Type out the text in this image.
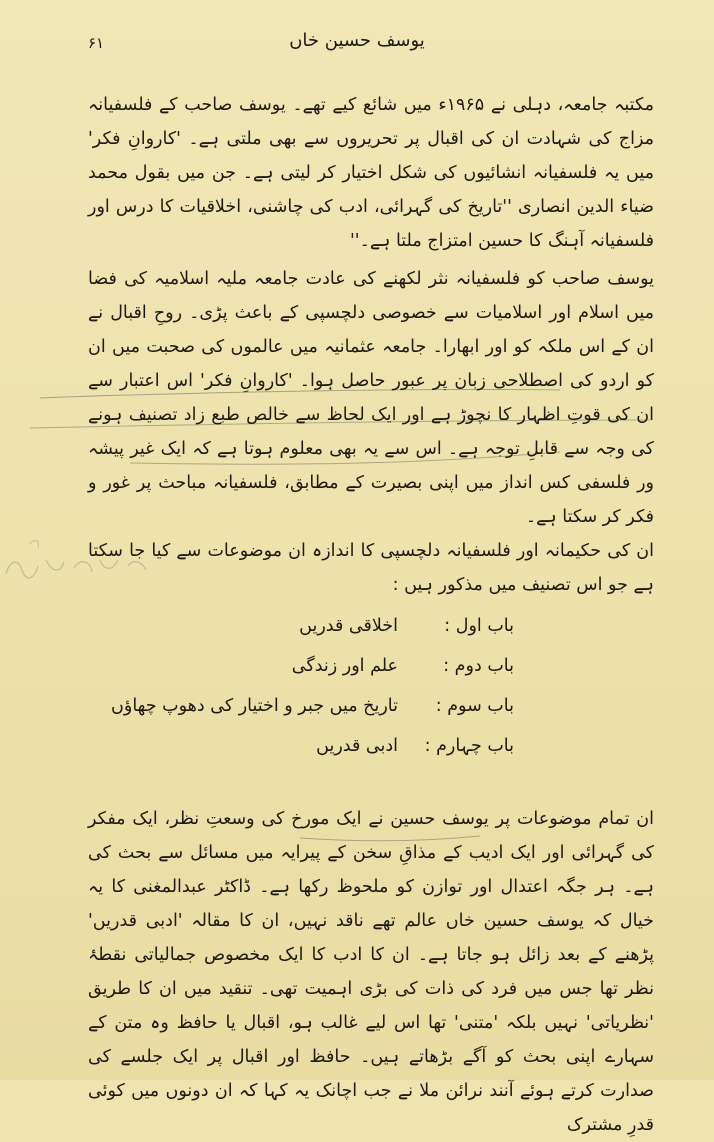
۶۱	یوسف حسین خاں

مکتبہ جامعہ، دہلی نے ۱۹۶۵ء میں شائع کیے تھے۔ یوسف صاحب کے فلسفیانہ مزاج کی شہادت ان کی اقبال پر تحریروں سے بھی ملتی ہے۔ 'کاروانِ فکر' میں یہ فلسفیانہ انشائیوں کی شکل اختیار کر لیتی ہے۔ جن میں بقول محمد ضیاء الدین انصاری ''تاریخ کی گہرائی، ادب کی چاشنی، اخلاقیات کا درس اور فلسفیانہ آہنگ کا حسین امتزاج ملتا ہے۔''

یوسف صاحب کو فلسفیانہ نثر لکھنے کی عادت جامعہ ملیہ اسلامیہ کی فضا میں اسلام اور اسلامیات سے خصوصی دلچسپی کے باعث پڑی۔ روحِ اقبال نے ان کے اس ملکہ کو اور ابھارا۔ جامعہ عثمانیہ میں عالموں کی صحبت میں ان کو اردو کی اصطلاحی زبان پر عبور حاصل ہوا۔ 'کاروانِ فکر' اس اعتبار سے ان کی قوتِ اظہار کا نچوڑ ہے اور ایک لحاظ سے خالص طبع زاد تصنیف ہونے کی وجہ سے قابلِ توجہ ہے۔ اس سے یہ بھی معلوم ہوتا ہے کہ ایک غیر پیشہ ور فلسفی کس انداز میں اپنی بصیرت کے مطابق، فلسفیانہ مباحث پر غور و فکر کر سکتا ہے۔

ان کی حکیمانہ اور فلسفیانہ دلچسپی کا اندازہ ان موضوعات سے کیا جا سکتا ہے جو اس تصنیف میں مذکور ہیں :

باب اول :
اخلاقی قدریں
باب دوم :
علم اور زندگی
باب سوم :
تاریخ میں جبر و اختیار کی دھوپ چھاؤں
باب چہارم :
ادبی قدریں

ان تمام موضوعات پر یوسف حسین نے ایک مورخ کی وسعتِ نظر، ایک مفکر کی گہرائی اور ایک ادیب کے مذاقِ سخن کے پیرایہ میں مسائل سے بحث کی ہے۔ ہر جگہ اعتدال اور توازن کو ملحوظ رکھا ہے۔ ڈاکٹر عبدالمغنی کا یہ خیال کہ یوسف حسین خاں عالم تھے ناقد نہیں، ان کا مقالہ 'ادبی قدریں' پڑھنے کے بعد زائل ہو جاتا ہے۔ ان کا ادب کا ایک مخصوص جمالیاتی نقطۂ نظر تھا جس میں فرد کی ذات کی بڑی اہمیت تھی۔ تنقید میں ان کا طریق 'نظریاتی' نہیں بلکہ 'متنی' تھا اس لیے غالب ہو، اقبال یا حافظ وہ متن کے سہارے اپنی بحث کو آگے بڑھاتے ہیں۔ حافظ اور اقبال پر ایک جلسے کی صدارت کرتے ہوئے آنند نرائن ملا نے جب اچانک یہ کہا کہ ان دونوں میں کوئی قدرِ مشترک
